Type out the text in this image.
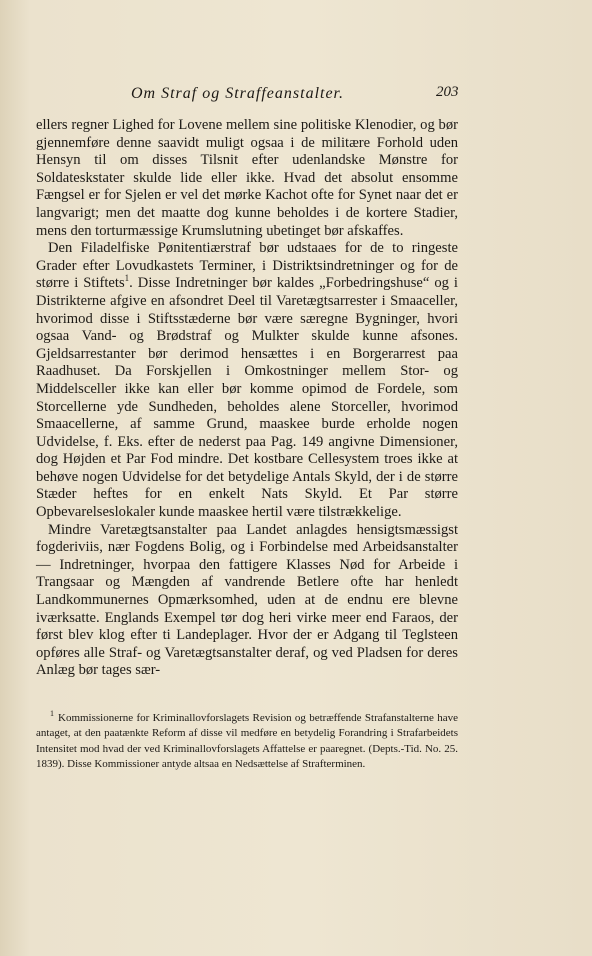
Om Straf og Straffeanstalter.	203

ellers regner Lighed for Lovene mellem sine politiske Klenodier, og bør gjennemføre denne saavidt muligt ogsaa i de militære Forhold uden Hensyn til om disses Tilsnit efter udenlandske Mønstre for Soldateskstater skulde lide eller ikke. Hvad det absolut ensomme Fængsel er for Sjelen er vel det mørke Kachot ofte for Synet naar det er langvarigt; men det maatte dog kunne beholdes i de kortere Stadier, mens den torturmæssige Krumslutning ubetinget bør afskaffes.

Den Filadelfiske Pønitentiærstraf bør udstaaes for de to ringeste Grader efter Lovudkastets Terminer, i Distriktsindretninger og for de større i Stiftets$^1$. Disse Indretninger bør kaldes „Forbedringshuse“ og i Distrikterne afgive en afsondret Deel til Varetægtsarrester i Smaaceller, hvorimod disse i Stiftsstæderne bør være særegne Bygninger, hvori ogsaa Vand- og Brødstraf og Mulkter skulde kunne afsones. Gjeldsarrestanter bør derimod hensættes i en Borgerarrest paa Raadhuset. Da Forskjellen i Omkostninger mellem Stor- og Middelsceller ikke kan eller bør komme opimod de Fordele, som Storcellerne yde Sundheden, beholdes alene Storceller, hvorimod Smaacellerne, af samme Grund, maaskee burde erholde nogen Udvidelse, f. Eks. efter de nederst paa Pag. 149 angivne Dimensioner, dog Højden et Par Fod mindre. Det kostbare Cellesystem troes ikke at behøve nogen Udvidelse for det betydelige Antals Skyld, der i de større Stæder heftes for en enkelt Nats Skyld. Et Par større Opbevarelseslokaler kunde maaskee hertil være tilstrækkelige.

Mindre Varetægtsanstalter paa Landet anlagdes hensigtsmæssigst fogderiviis, nær Fogdens Bolig, og i Forbindelse med Arbeidsanstalter — Indretninger, hvorpaa den fattigere Klasses Nød for Arbeide i Trangsaar og Mængden af vandrende Betlere ofte har henledt Landkommunernes Opmærksomhed, uden at de endnu ere blevne iværksatte. Englands Exempel tør dog heri virke meer end Faraos, der først blev klog efter ti Landeplager. Hvor der er Adgang til Teglsteen opføres alle Straf- og Varetægtsanstalter deraf, og ved Pladsen for deres Anlæg bør tages sær-

$^1$ Kommissionerne for Kriminallovforslagets Revision og betræffende Strafanstalterne have antaget, at den paatænkte Reform af disse vil medføre en betydelig Forandring i Strafarbeidets Intensitet mod hvad der ved Kriminallovforslagets Affattelse er paaregnet. (Depts.-Tid. No. 25. 1839). Disse Kommissioner antyde altsaa en Nedsættelse af Strafterminen.
